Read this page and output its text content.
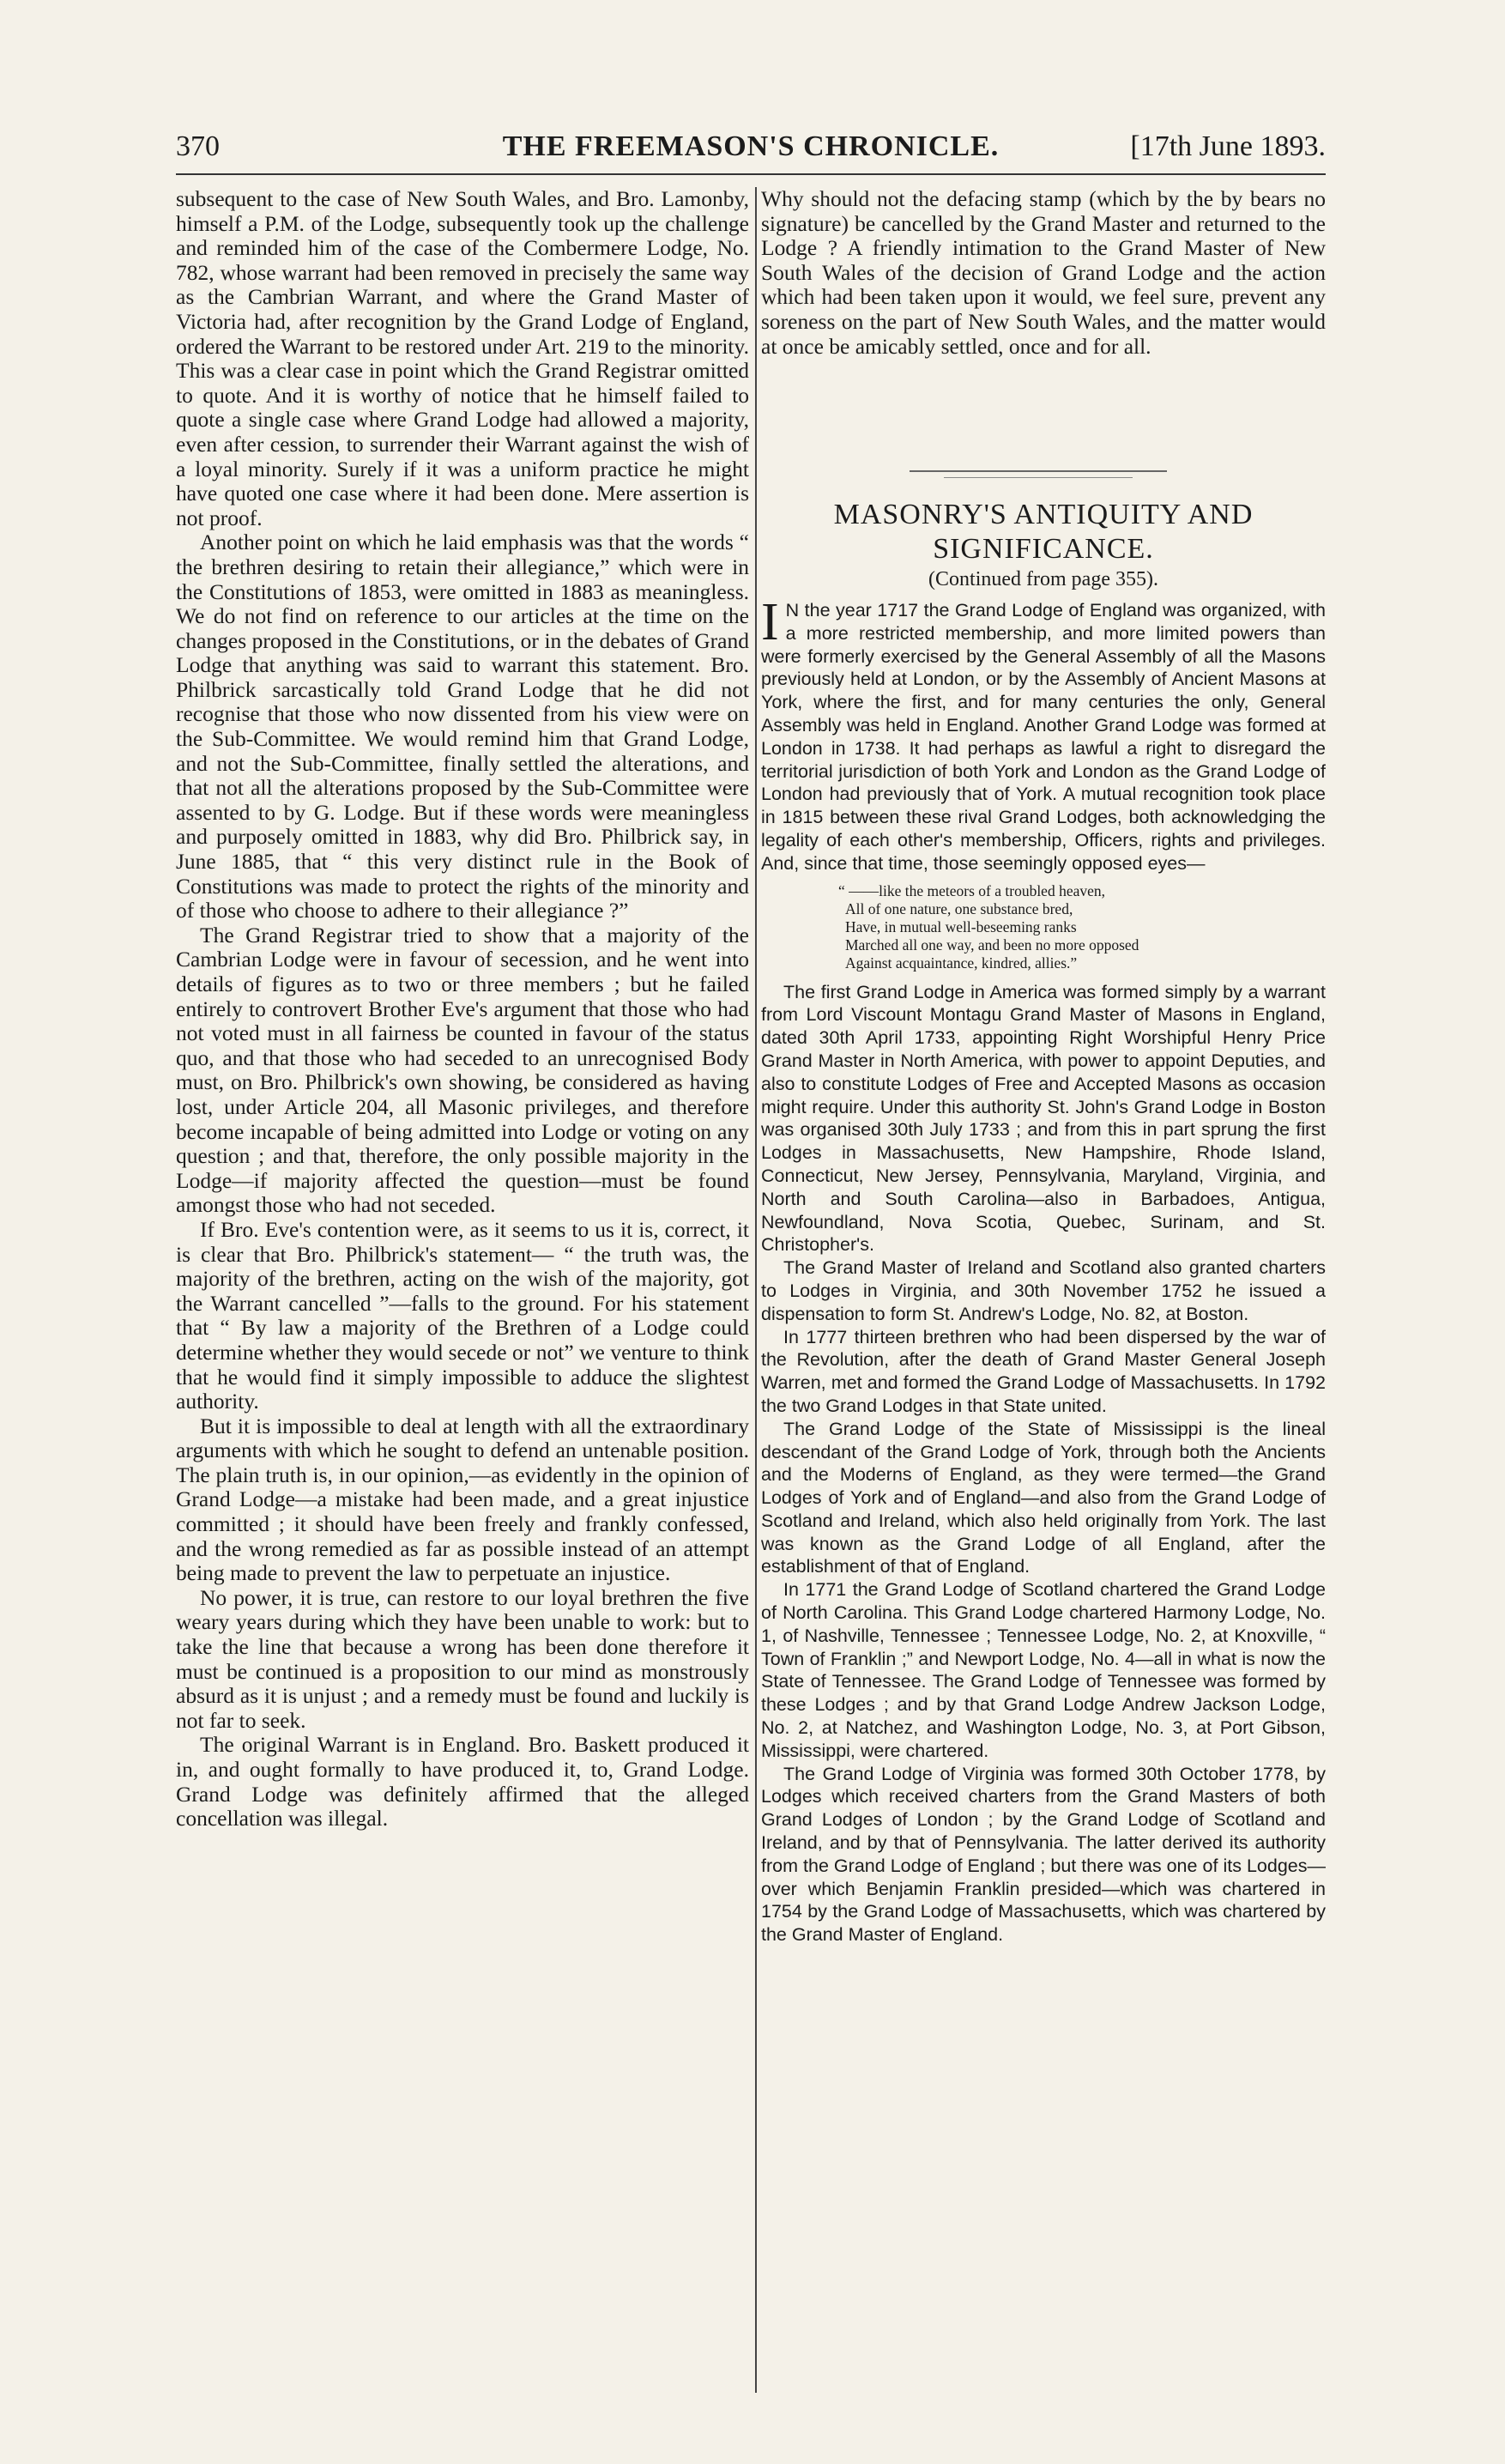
370	THE FREEMASON'S CHRONICLE.	[17th June 1893.

subsequent to the case of New South Wales, and Bro. Lamonby, himself a P.M. of the Lodge, subsequently took up the challenge and reminded him of the case of the Combermere Lodge, No. 782, whose warrant had been removed in precisely the same way as the Cambrian Warrant, and where the Grand Master of Victoria had, after recognition by the Grand Lodge of England, ordered the Warrant to be restored under Art. 219 to the minority. This was a clear case in point which the Grand Registrar omitted to quote. And it is worthy of notice that he himself failed to quote a single case where Grand Lodge had allowed a majority, even after cession, to surrender their Warrant against the wish of a loyal minority. Surely if it was a uniform practice he might have quoted one case where it had been done. Mere assertion is not proof.

Another point on which he laid emphasis was that the words “ the brethren desiring to retain their allegiance,” which were in the Constitutions of 1853, were omitted in 1883 as meaningless. We do not find on reference to our articles at the time on the changes proposed in the Constitutions, or in the debates of Grand Lodge that anything was said to warrant this statement. Bro. Philbrick sarcastically told Grand Lodge that he did not recognise that those who now dissented from his view were on the Sub-Committee. We would remind him that Grand Lodge, and not the Sub-Committee, finally settled the alterations, and that not all the alterations proposed by the Sub-Committee were assented to by G. Lodge. But if these words were meaningless and purposely omitted in 1883, why did Bro. Philbrick say, in June 1885, that “ this very distinct rule in the Book of Constitutions was made to protect the rights of the minority and of those who choose to adhere to their allegiance ?”

The Grand Registrar tried to show that a majority of the Cambrian Lodge were in favour of secession, and he went into details of figures as to two or three members ; but he failed entirely to controvert Brother Eve's argument that those who had not voted must in all fairness be counted in favour of the status quo, and that those who had seceded to an unrecognised Body must, on Bro. Philbrick's own showing, be considered as having lost, under Article 204, all Masonic privileges, and therefore become incapable of being admitted into Lodge or voting on any question ; and that, therefore, the only possible majority in the Lodge—if majority affected the question—must be found amongst those who had not seceded.

If Bro. Eve's contention were, as it seems to us it is, correct, it is clear that Bro. Philbrick's statement— “ the truth was, the majority of the brethren, acting on the wish of the majority, got the Warrant cancelled ”—falls to the ground. For his statement that “ By law a majority of the Brethren of a Lodge could determine whether they would secede or not” we venture to think that he would find it simply impossible to adduce the slightest authority.

But it is impossible to deal at length with all the extraordinary arguments with which he sought to defend an untenable position. The plain truth is, in our opinion,—as evidently in the opinion of Grand Lodge—a mistake had been made, and a great injustice committed ; it should have been freely and frankly confessed, and the wrong remedied as far as possible instead of an attempt being made to prevent the law to perpetuate an injustice.

No power, it is true, can restore to our loyal brethren the five weary years during which they have been unable to work: but to take the line that because a wrong has been done therefore it must be continued is a proposition to our mind as monstrously absurd as it is unjust ; and a remedy must be found and luckily is not far to seek.

The original Warrant is in England. Bro. Baskett produced it in, and ought formally to have produced it, to, Grand Lodge. Grand Lodge was definitely affirmed that the alleged concellation was illegal.

Why should not the defacing stamp (which by the by bears no signature) be cancelled by the Grand Master and returned to the Lodge ? A friendly intimation to the Grand Master of New South Wales of the decision of Grand Lodge and the action which had been taken upon it would, we feel sure, prevent any soreness on the part of New South Wales, and the matter would at once be amicably settled, once and for all.

MASONRY'S ANTIQUITY AND
SIGNIFICANCE.
(Continued from page 355).

I N the year 1717 the Grand Lodge of England was organized, with a more restricted membership, and more limited powers than were formerly exercised by the General Assembly of all the Masons previously held at London, or by the Assembly of Ancient Masons at York, where the first, and for many centuries the only, General Assembly was held in England. Another Grand Lodge was formed at London in 1738. It had perhaps as lawful a right to disregard the territorial jurisdiction of both York and London as the Grand Lodge of London had previously that of York. A mutual recognition took place in 1815 between these rival Grand Lodges, both acknowledging the legality of each other's membership, Officers, rights and privileges. And, since that time, those seemingly opposed eyes—

“ ——like the meteors of a troubled heaven,
All of one nature, one substance bred,
Have, in mutual well-beseeming ranks
Marched all one way, and been no more opposed
Against acquaintance, kindred, allies.”

The first Grand Lodge in America was formed simply by a warrant from Lord Viscount Montagu Grand Master of Masons in England, dated 30th April 1733, appointing Right Worshipful Henry Price Grand Master in North America, with power to appoint Deputies, and also to constitute Lodges of Free and Accepted Masons as occasion might require. Under this authority St. John's Grand Lodge in Boston was organised 30th July 1733 ; and from this in part sprung the first Lodges in Massachusetts, New Hampshire, Rhode Island, Connecticut, New Jersey, Pennsylvania, Maryland, Virginia, and North and South Carolina—also in Barbadoes, Antigua, Newfoundland, Nova Scotia, Quebec, Surinam, and St. Christopher's.

The Grand Master of Ireland and Scotland also granted charters to Lodges in Virginia, and 30th November 1752 he issued a dispensation to form St. Andrew's Lodge, No. 82, at Boston.

In 1777 thirteen brethren who had been dispersed by the war of the Revolution, after the death of Grand Master General Joseph Warren, met and formed the Grand Lodge of Massachusetts. In 1792 the two Grand Lodges in that State united.

The Grand Lodge of the State of Mississippi is the lineal descendant of the Grand Lodge of York, through both the Ancients and the Moderns of England, as they were termed—the Grand Lodges of York and of England—and also from the Grand Lodge of Scotland and Ireland, which also held originally from York. The last was known as the Grand Lodge of all England, after the establishment of that of England.

In 1771 the Grand Lodge of Scotland chartered the Grand Lodge of North Carolina. This Grand Lodge chartered Harmony Lodge, No. 1, of Nashville, Tennessee ; Tennessee Lodge, No. 2, at Knoxville, “ Town of Franklin ;” and Newport Lodge, No. 4—all in what is now the State of Tennessee. The Grand Lodge of Tennessee was formed by these Lodges ; and by that Grand Lodge Andrew Jackson Lodge, No. 2, at Natchez, and Washington Lodge, No. 3, at Port Gibson, Mississippi, were chartered.

The Grand Lodge of Virginia was formed 30th October 1778, by Lodges which received charters from the Grand Masters of both Grand Lodges of London ; by the Grand Lodge of Scotland and Ireland, and by that of Pennsylvania. The latter derived its authority from the Grand Lodge of England ; but there was one of its Lodges—over which Benjamin Franklin presided—which was chartered in 1754 by the Grand Lodge of Massachusetts, which was chartered by the Grand Master of England.
